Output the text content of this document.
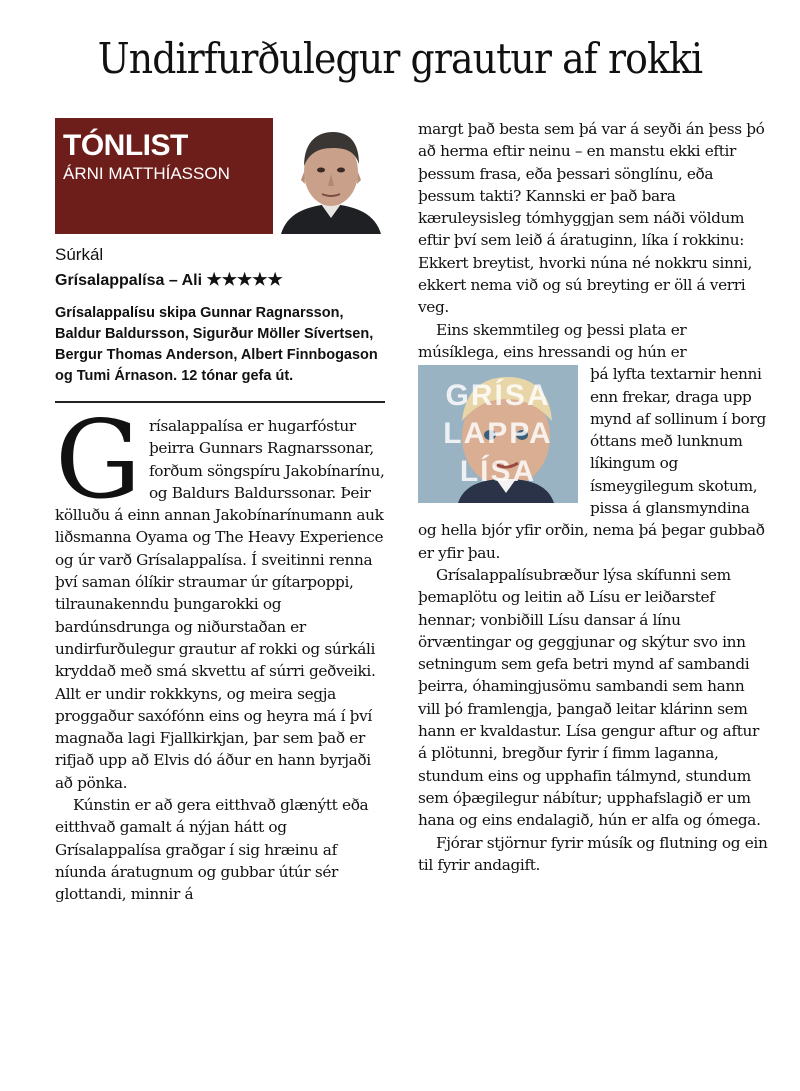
Undirfurðulegur grautur af rokki
TÓNLIST
ÁRNI MATTHÍASSON
Súrkál
Grísalappalísa – Ali ★★★★★
Grísalappalísu skipa Gunnar Ragnarsson, Baldur Baldursson, Sigurður Möller Sívertsen, Bergur Thomas Anderson, Albert Finnbogason og Tumi Árnason. 12 tónar gefa út.
Grísalappalísa er hugarfóstur þeirra Gunnars Ragnarssonar, forðum söngspíru Jakobínarínu, og Baldurs Baldurssonar. Þeir kölluðu á einn annan Jakobínarínumann auk liðsmanna Oyama og The Heavy Experience og úr varð Grísalappalísa. Í sveitinni renna því saman ólíkir straumar úr gítarpoppi, tilraunakenndu þungarokki og bardúnsdrunga og niðurstaðan er undirfurðulegur grautur af rokki og súrkáli kryddað með smá skvettu af súrri geðveiki. Allt er undir rokkkyns, og meira segja proggaður saxófónn eins og heyra má í því magnaða lagi Fjallkirkjan, þar sem það er rifjað upp að Elvis dó áður en hann byrjaði að pönka.

Kúnstin er að gera eitthvað glænýtt eða eitthvað gamalt á nýjan hátt og Grísalappalísa graðgar í sig hræinu af níunda áratugnum og gubbar útúr sér glottandi, minnir á

margt það besta sem þá var á seyði án þess þó að herma eftir neinu – en manstu ekki eftir þessum frasa, eða þessari sönglínu, eða þessum takti? Kannski er það bara kæruleysisleg tómhyggjan sem náði völdum eftir því sem leið á áratuginn, líka í rokkinu: Ekkert breytist, hvorki núna né nokkru sinni, ekkert nema við og sú breyting er öll á verri veg.

Eins skemmtileg og þessi plata er músíklega, eins hressandi og hún er
GRÍSA
LAPPA
LÍSA
þá lyfta textarnir henni enn frekar, draga upp mynd af sollinum í borg óttans með lunknum líkingum og ísmeygilegum skotum, pissa á glansmyndina og hella bjór yfir orðin, nema þá þegar gubbað er yfir þau.

Grísalappalísubræður lýsa skífunni sem þemaplötu og leitin að Lísu er leiðarstef hennar; vonbiðill Lísu dansar á línu örvæntingar og geggjunar og skýtur svo inn setningum sem gefa betri mynd af sambandi þeirra, óhamingjusömu sambandi sem hann vill þó framlengja, þangað leitar klárinn sem hann er kvaldastur. Lísa gengur aftur og aftur á plötunni, bregður fyrir í fimm laganna, stundum eins og upphafin tálmynd, stundum sem óþægilegur nábítur; upphafslagið er um hana og eins endalagið, hún er alfa og ómega.

Fjórar stjörnur fyrir músík og flutning og ein til fyrir andagift.
